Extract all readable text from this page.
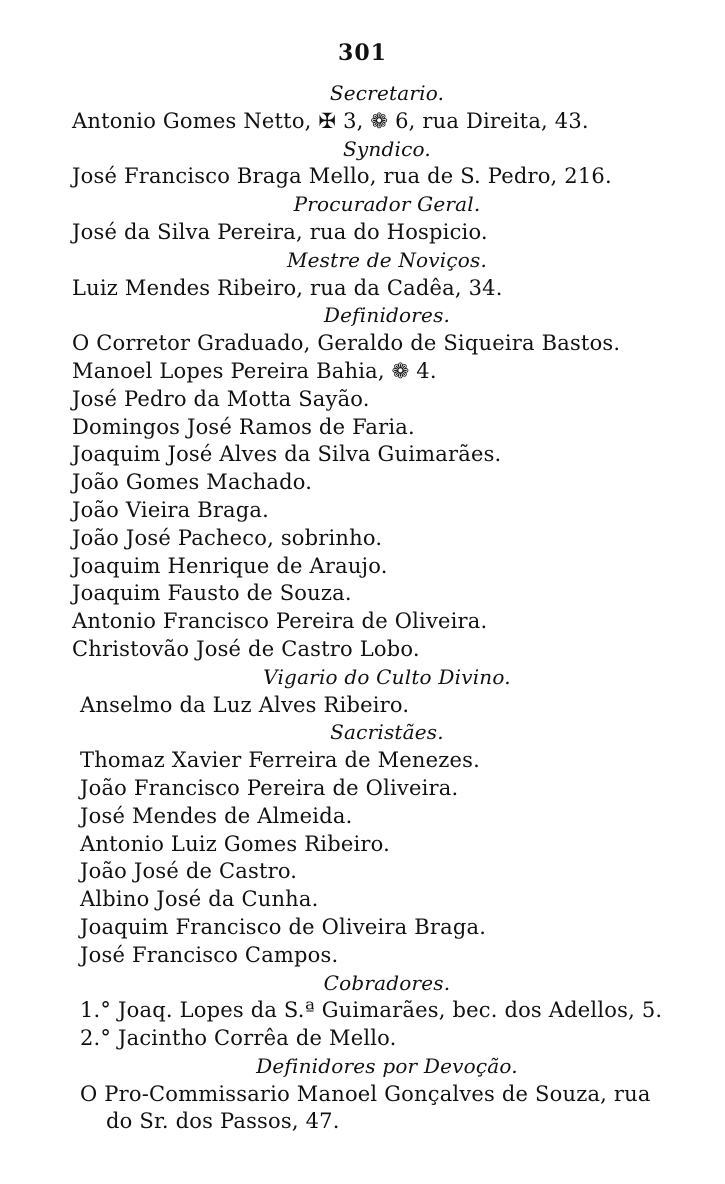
301
Secretario.
Antonio Gomes Netto, ✠ 3, ❁ 6, rua Direita, 43.
Syndico.
José Francisco Braga Mello, rua de S. Pedro, 216.
Procurador Geral.
José da Silva Pereira, rua do Hospicio.
Mestre de Noviços.
Luiz Mendes Ribeiro, rua da Cadêa, 34.
Definidores.
O Corretor Graduado, Geraldo de Siqueira Bastos.
Manoel Lopes Pereira Bahia, ❁ 4.
José Pedro da Motta Sayão.
Domingos José Ramos de Faria.
Joaquim José Alves da Silva Guimarães.
João Gomes Machado.
João Vieira Braga.
João José Pacheco, sobrinho.
Joaquim Henrique de Araujo.
Joaquim Fausto de Souza.
Antonio Francisco Pereira de Oliveira.
Christovão José de Castro Lobo.
Vigario do Culto Divino.
Anselmo da Luz Alves Ribeiro.
Sacristães.
Thomaz Xavier Ferreira de Menezes.
João Francisco Pereira de Oliveira.
José Mendes de Almeida.
Antonio Luiz Gomes Ribeiro.
João José de Castro.
Albino José da Cunha.
Joaquim Francisco de Oliveira Braga.
José Francisco Campos.
Cobradores.
1.° Joaq. Lopes da S.ª Guimarães, bec. dos Adellos, 5.
2.° Jacintho Corrêa de Mello.
Definidores por Devoção.
O Pro-Commissario Manoel Gonçalves de Souza, rua
do Sr. dos Passos, 47.
